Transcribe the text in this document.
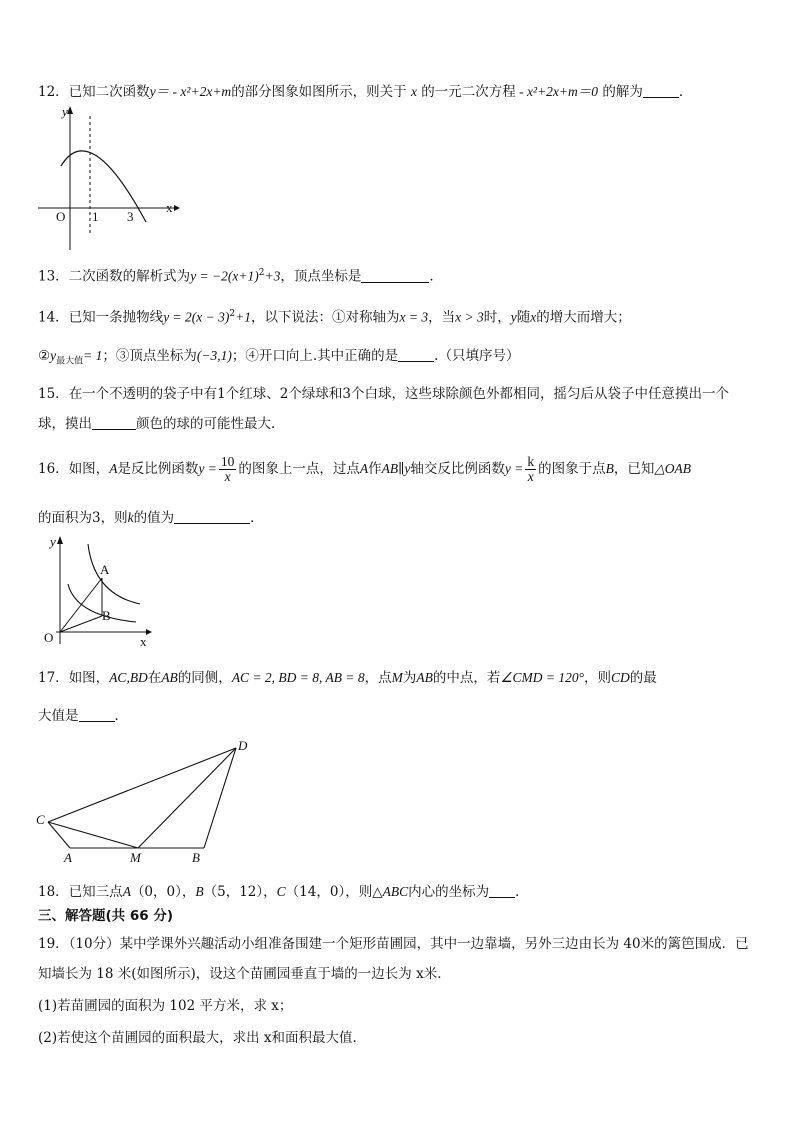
12．已知二次函数y＝ - x²+2x+m的部分图象如图所示，则关于 x 的一元二次方程 - x²+2x+m＝0 的解为	．
y
x
O 1 3
13．二次函数的解析式为$y = -2(x+1)^2+3$，顶点坐标是	．
14．已知一条抛物线$y = 2(x - 3)^2+1$，以下说法：①对称轴为x = 3，当x > 3时，y随x的增大而增大；
$②y_{最大值}= 1$；③顶点坐标为(−3,1)；④开口向上.其中正确的是	.（只填序号）
15．在一个不透明的袋子中有1个红球、2个绿球和3个白球，这些球除颜色外都相同，摇匀后从袋子中任意摸出一个
球，摸出	颜色的球的可能性最大.
16．如图，A是反比例函数$y = \frac{10}{x}$ 的图象上一点，过点A作AB∥y轴交反比例函数$y = \frac{k}{x}$ 的图象于点B，已知△OAB
的面积为3，则k的值为	．
y
x
O
A
B
17．如图，AC,BD在AB的同侧，AC = 2, BD = 8, AB = 8，点M为AB的中点，若∠CMD = 120°，则CD的最
大值是	．
C
A	M	B
D
18．已知三点A（0，0），B（5，12），C（14，0），则△ABC内心的坐标为 ．
三、解答题(共 66 分)
19．（10分）某中学课外兴趣活动小组准备围建一个矩形苗圃园，其中一边靠墙，另外三边由长为 40米的篱笆围成．已
知墙长为 18 米(如图所示)，设这个苗圃园垂直于墙的一边长为 x米．
(1)若苗圃园的面积为 102 平方米，求 x；
(2)若使这个苗圃园的面积最大，求出 x和面积最大值.
